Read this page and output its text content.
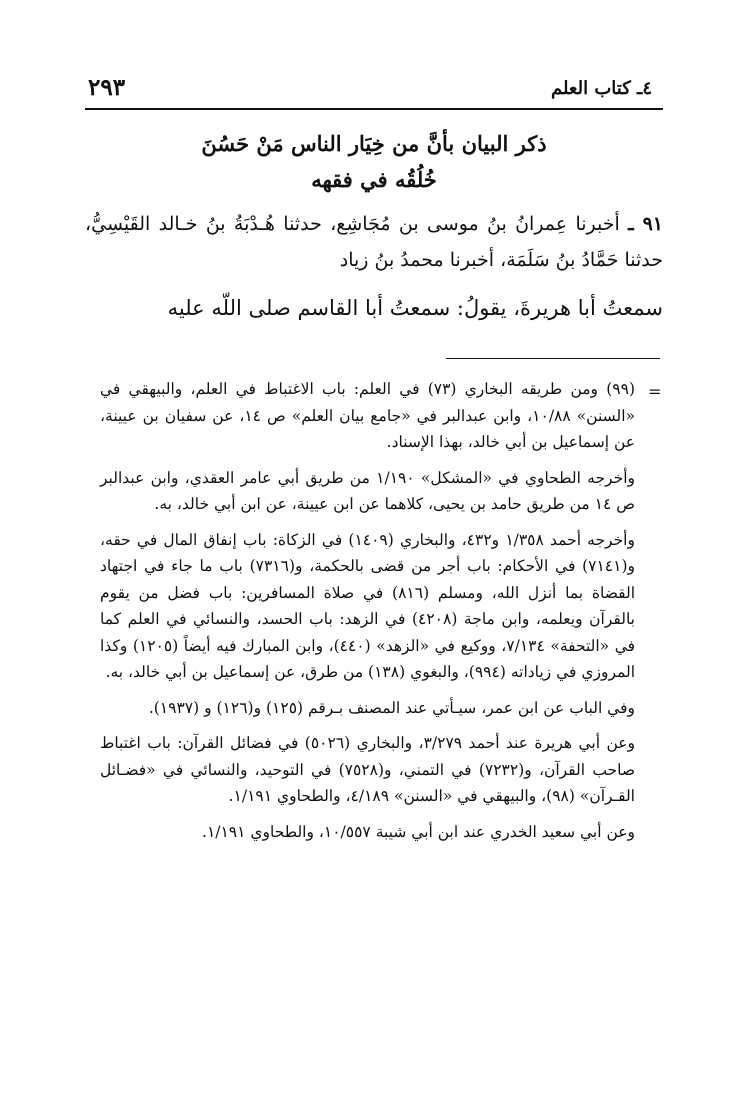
٢٩٣	٤ـ كتاب العلم
ذكر البيان بأنَّ من خِيَار الناس مَنْ حَسُنَ
خُلُقُه في فقهه
٩١ ـ أخبرنا عِمرانُ بنُ موسى بن مُجَاشِع، حدثنا هُـدْبَةُ بنُ خـالد القَيْسِيُّ، حدثنا حَمَّادُ بنُ سَلَمَة، أخبرنا محمدُ بنُ زياد
سمعتُ أبا هريرةَ، يقولُ: سمعتُ أبا القاسم صلى اللّه عليه
=

(٩٩) ومن طريقه البخاري (٧٣) في العلم: باب الاغتباط في العلم، والبيهقي في «السنن» ١٠/٨٨، وابن عبدالبر في «جامع بيان العلم» ص ١٤، عن سفيان بن عيينة، عن إسماعيل بن أبي خالد، بهذا الإسناد.

وأخرجه الطحاوي في «المشكل» ١/١٩٠ من طريق أبي عامر العقدي، وابن عبدالبر ص ١٤ من طريق حامد بن يحيى، كلاهما عن ابن عيينة، عن ابن أبي خالد، به.

وأخرجه أحمد ١/٣٥٨ و٤٣٢، والبخاري (١٤٠٩) في الزكاة: باب إنفاق المال في حقه، و(٧١٤١) في الأحكام: باب أجر من قضى بالحكمة، و(٧٣١٦) باب ما جاء في اجتهاد القضاة بما أنزل الله، ومسلم (٨١٦) في صلاة المسافرين: باب فضل من يقوم بالقرآن ويعلمه، وابن ماجة (٤٢٠٨) في الزهد: باب الحسد، والنسائي في العلم كما في «التحفة» ٧/١٣٤، ووكيع في «الزهد» (٤٤٠)، وابن المبارك فيه أيضاً (١٢٠٥) وكذا المروزي في زياداته (٩٩٤)، والبغوي (١٣٨) من طرق، عن إسماعيل بن أبي خالد، به.

وفي الباب عن ابن عمر، سيـأتي عند المصنف بـرقم (١٢٥) و(١٢٦) و (١٩٣٧).

وعن أبي هريرة عند أحمد ٣/٢٧٩، والبخاري (٥٠٢٦) في فضائل القرآن: باب اغتباط صاحب القرآن، و(٧٢٣٢) في التمني، و(٧٥٢٨) في التوحيد، والنسائي في «فضـائل القـرآن» (٩٨)، والبيهقي في «السنن» ٤/١٨٩، والطحاوي ١/١٩١.

وعن أبي سعيد الخدري عند ابن أبي شيبة ١٠/٥٥٧، والطحاوي ١/١٩١.
